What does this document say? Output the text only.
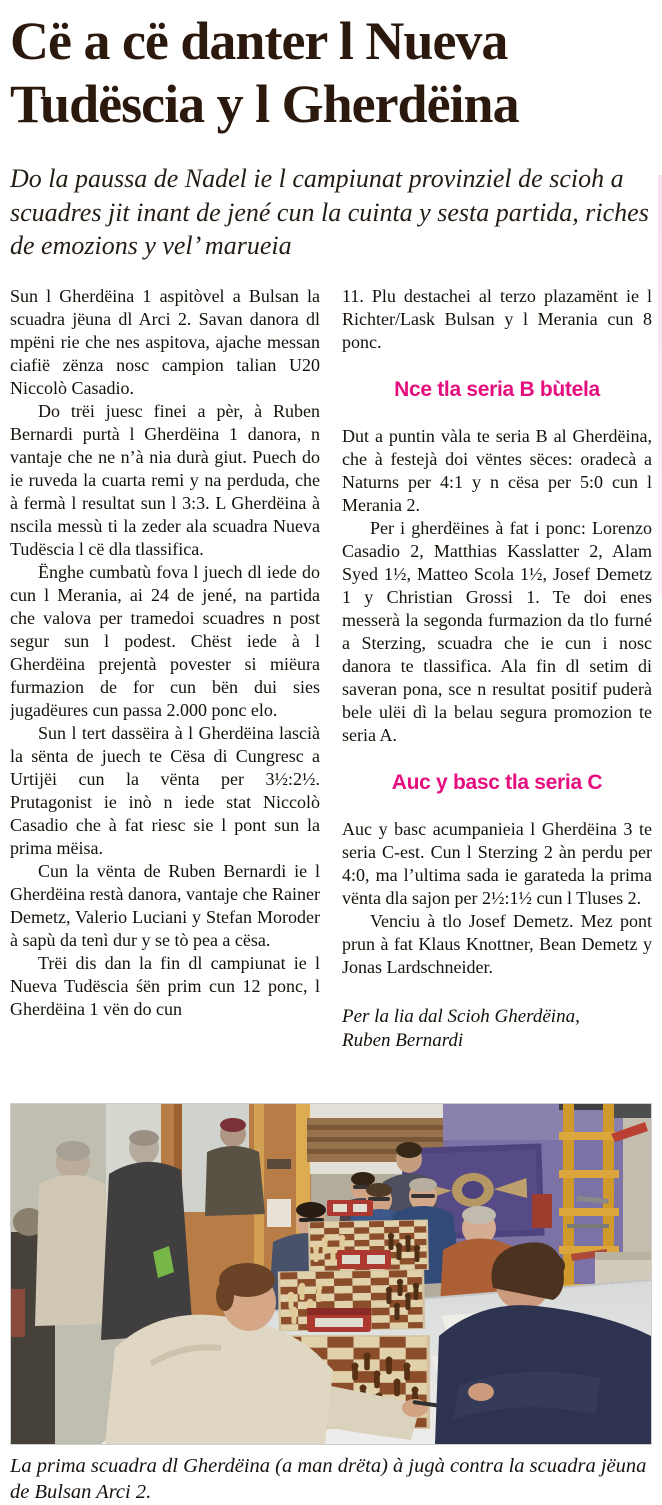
Cë a cë danter l Nueva Tudëscia y l Gherdëina
Do la paussa de Nadel ie l campiunat provinziel de scioh a scuadres jit inant de jené cun la cuinta y sesta partida, riches de emozions y vel’ marueia

Sun l Gherdëina 1 aspitòvel a Bulsan la scuadra jëuna dl Arci 2. Savan danora dl mpëni rie che nes aspitova, ajache messan ciafië zënza nosc campion talian U20 Niccolò Casadio.

Do trëi juesc finei a pèr, à Ruben Bernardi purtà l Gherdëina 1 danora, n vantaje che ne n’à nia durà giut. Puech do ie ruveda la cuarta remi y na perduda, che à fermà l resultat sun l 3:3. L Gherdëina à nscila messù ti la zeder ala scuadra Nueva Tudëscia l cë dla tlassifica.

Ënghe cumbatù fova l juech dl iede do cun l Merania, ai 24 de jené, na partida che valova per tramedoi scuadres n post segur sun l podest. Chëst iede à l Gherdëina prejentà povester si miëura furmazion de for cun bën dui sies jugadëures cun passa 2.000 ponc elo.

Sun l tert dassëira à l Gherdëina lascià la sënta de juech te Cësa di Cungresc a Urtijëi cun la vënta per 3½:2½. Prutagonist ie inò n iede stat Niccolò Casadio che à fat riesc sie l pont sun la prima mëisa.

Cun la vënta de Ruben Bernardi ie l Gherdëina restà danora, vantaje che Rainer Demetz, Valerio Luciani y Stefan Moroder à sapù da tenì dur y se tò pea a cësa.

Trëi dis dan la fin dl campiunat ie l Nueva Tudëscia śën prim cun 12 ponc, l Gherdëina 1 vën do cun

11. Plu destachei al terzo plazamënt ie l Richter/Lask Bulsan y l Merania cun 8 ponc.

Nce tla seria B bùtela

Dut a puntin vàla te seria B al Gherdëina, che à festejà doi vëntes sëces: oradecà a Naturns per 4:1 y n cësa per 5:0 cun l Merania 2.

Per i gherdëines à fat i ponc: Lorenzo Casadio 2, Matthias Kasslatter 2, Alam Syed 1½, Matteo Scola 1½, Josef Demetz 1 y Christian Grossi 1. Te doi enes messerà la segonda furmazion da tlo furné a Sterzing, scuadra che ie cun i nosc danora te tlassifica. Ala fin dl setim di saveran pona, sce n resultat positif puderà bele ulëi dì la belau segura promozion te seria A.

Auc y basc tla seria C

Auc y basc acumpanieia l Gherdëina 3 te seria C-est. Cun l Sterzing 2 àn perdu per 4:0, ma l’ultima sada ie garateda la prima vënta dla sajon per 2½:1½ cun l Tluses 2.

Venciu à tlo Josef Demetz. Mez pont prun à fat Klaus Knottner, Bean Demetz y Jonas Lardschneider.

Per la lia dal Scioh Gherdëina,
Ruben Bernardi
La prima scuadra dl Gherdëina (a man drëta) à jugà contra la scuadra jëuna de Bulsan Arci 2.
